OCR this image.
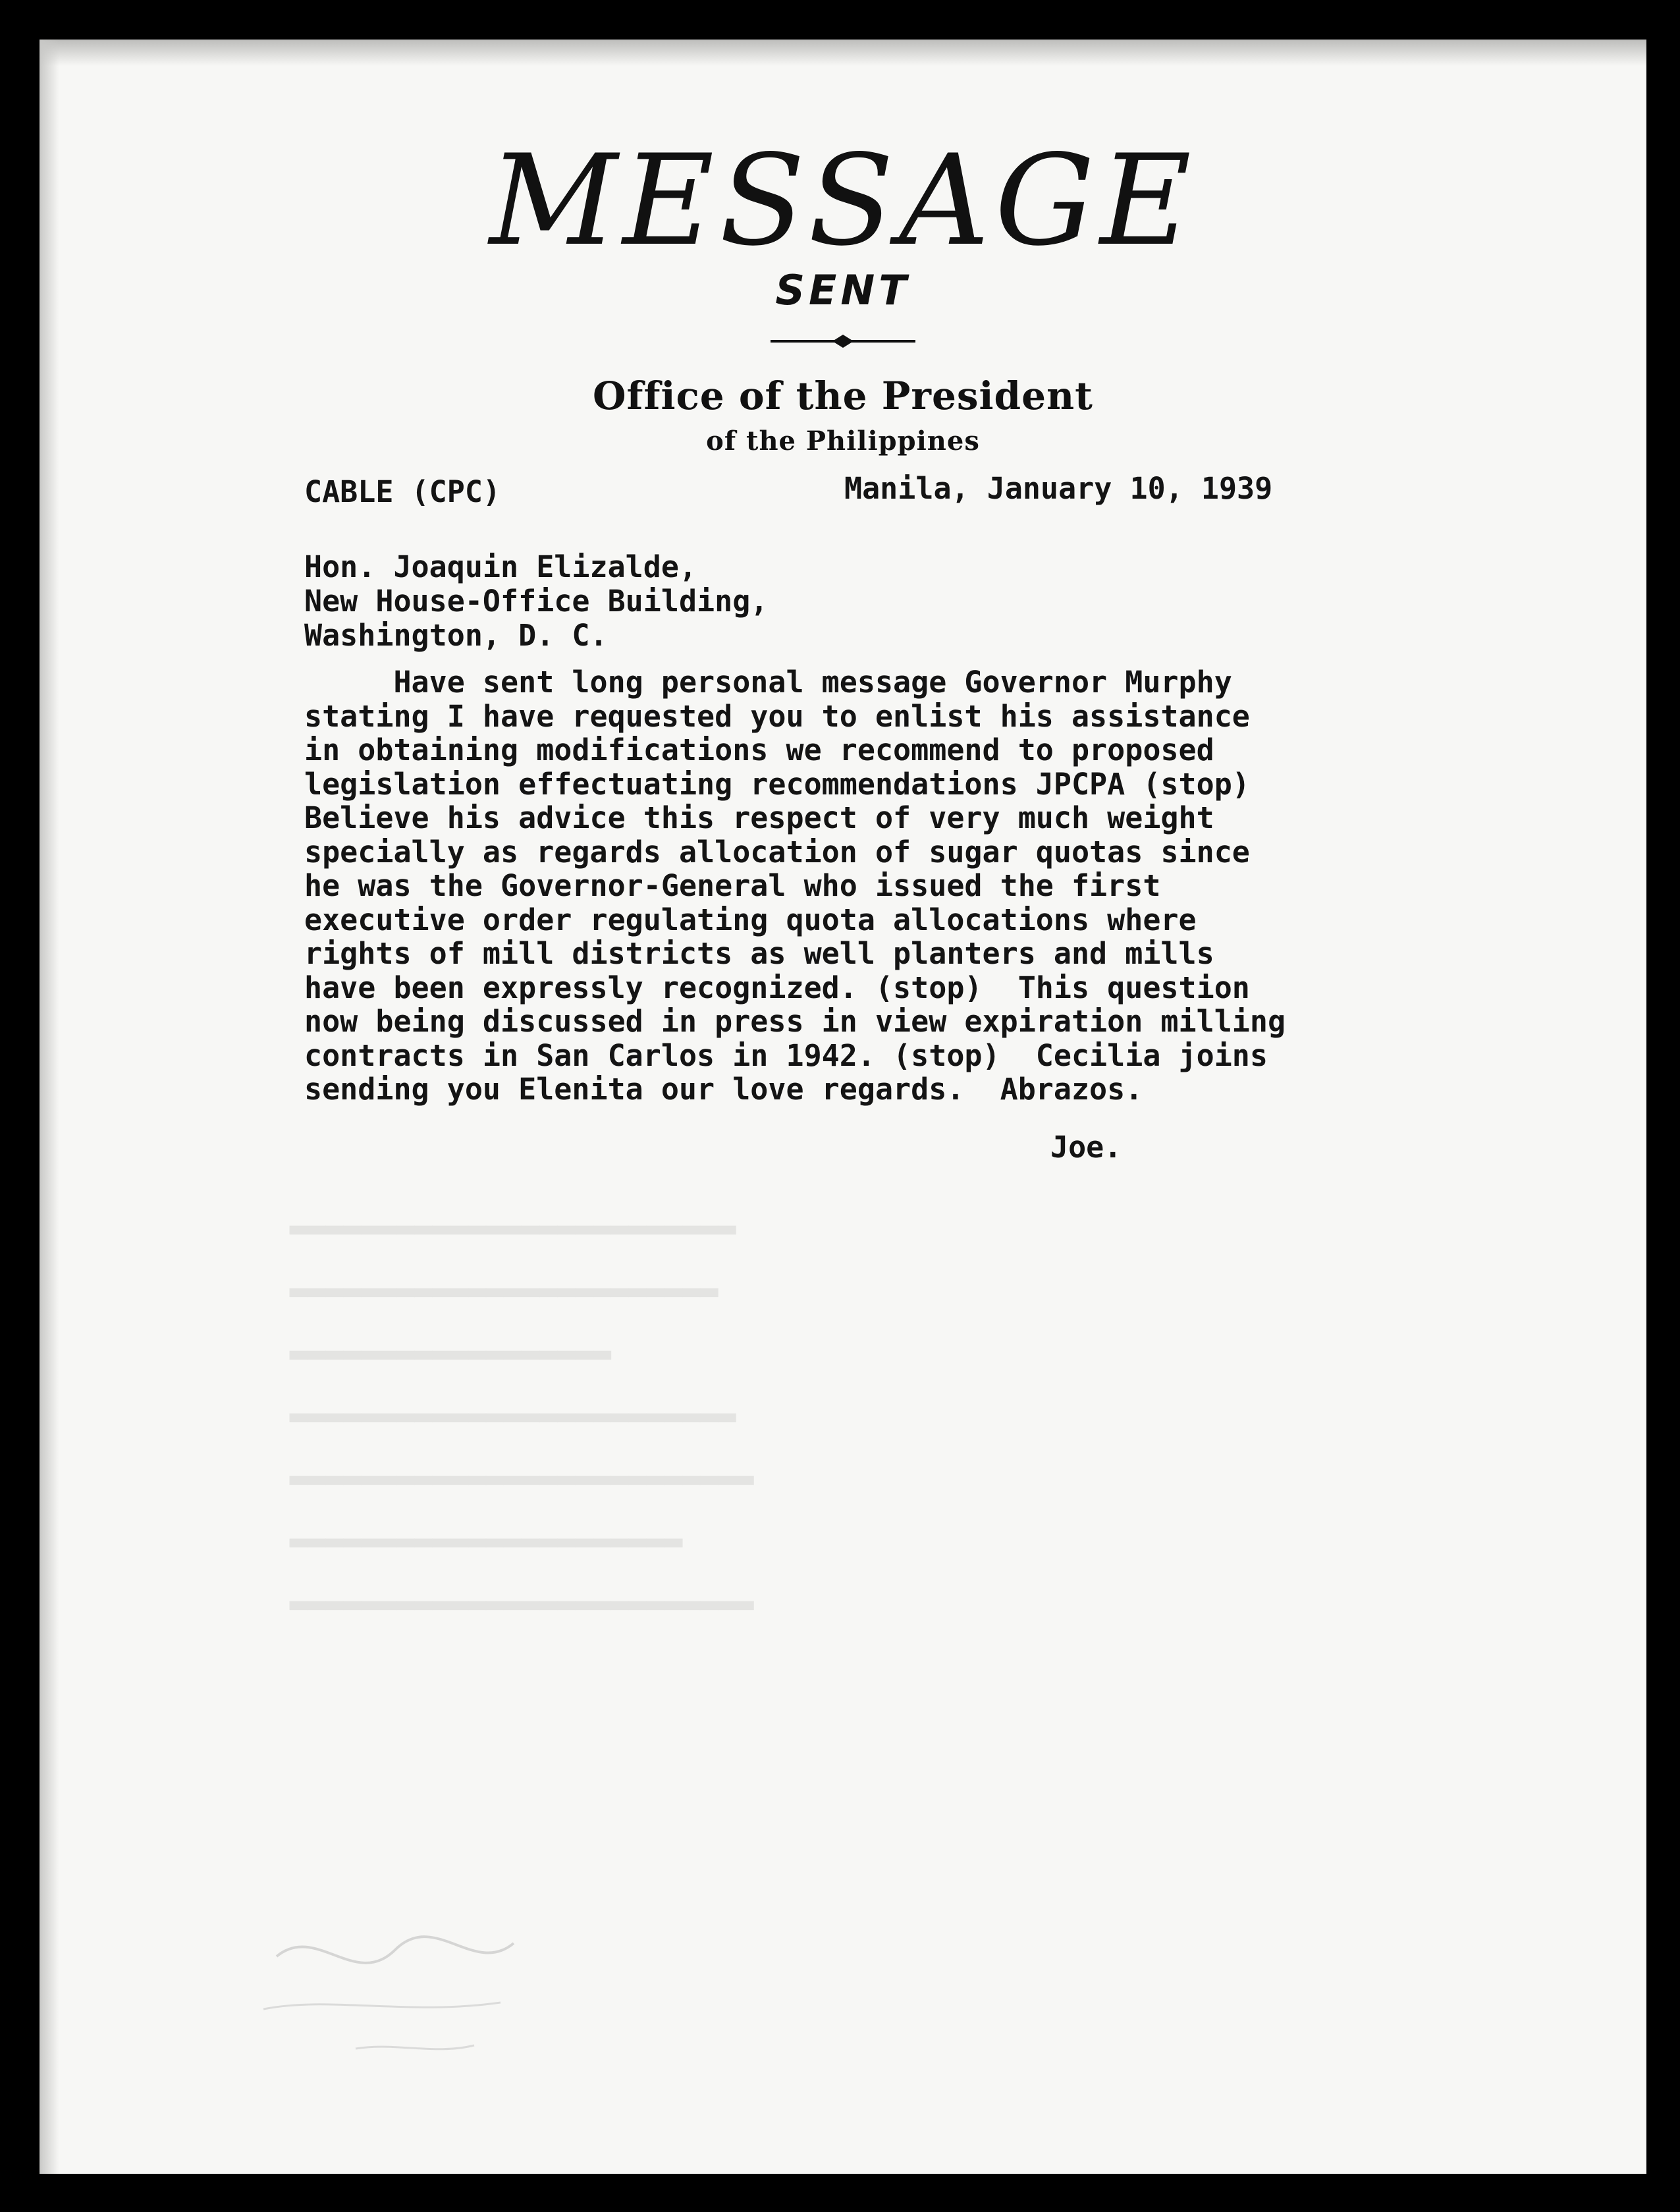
MESSAGE
SENT
Office of the President
of the Philippines
CABLE (CPC)	Manila, January 10, 1939
Hon. Joaquin Elizalde,
New House-Office Building,
Washington, D. C.
Have sent long personal message Governor Murphy
stating I have requested you to enlist his assistance
in obtaining modifications we recommend to proposed
legislation effectuating recommendations JPCPA (stop)
Believe his advice this respect of very much weight
specially as regards allocation of sugar quotas since
he was the Governor-General who issued the first
executive order regulating quota allocations where
rights of mill districts as well planters and mills
have been expressly recognized. (stop)  This question
now being discussed in press in view expiration milling
contracts in San Carlos in 1942. (stop)  Cecilia joins
sending you Elenita our love regards.  Abrazos.
Joe.
▂▂▂▂▂▂▂▂▂▂▂▂▂▂▂▂▂▂▂▂▂▂▂▂▂
▂▂▂▂▂▂▂▂▂▂▂▂▂▂▂▂▂▂▂▂▂▂▂▂
▂▂▂▂▂▂▂▂▂▂▂▂▂▂▂▂▂▂
▂▂▂▂▂▂▂▂▂▂▂▂▂▂▂▂▂▂▂▂▂▂▂▂▂
▂▂▂▂▂▂▂▂▂▂▂▂▂▂▂▂▂▂▂▂▂▂▂▂▂▂
▂▂▂▂▂▂▂▂▂▂▂▂▂▂▂▂▂▂▂▂▂▂
▂▂▂▂▂▂▂▂▂▂▂▂▂▂▂▂▂▂▂▂▂▂▂▂▂▂
